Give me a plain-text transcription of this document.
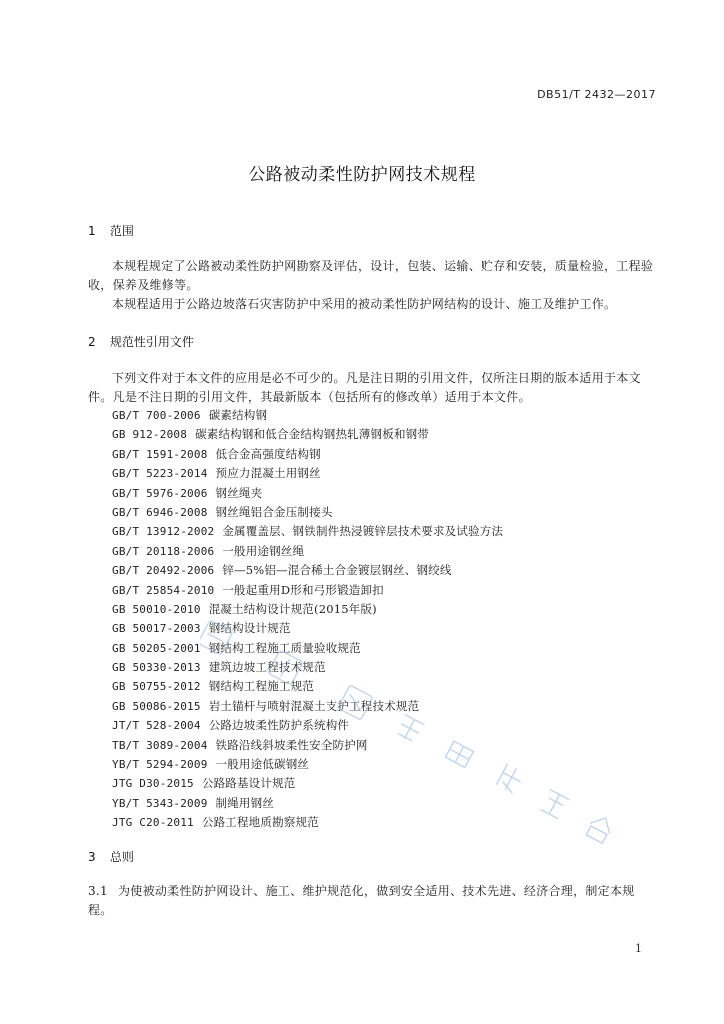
DB51/T 2432—2017
公路被动柔性防护网技术规程
1 范围
本规程规定了公路被动柔性防护网勘察及评估，设计，包装、运输、贮存和安装，质量检验，工程验收，保养及维修等。
本规程适用于公路边坡落石灾害防护中采用的被动柔性防护网结构的设计、施工及维护工作。
2 规范性引用文件
下列文件对于本文件的应用是必不可少的。凡是注日期的引用文件，仅所注日期的版本适用于本文件。凡是不注日期的引用文件，其最新版本（包括所有的修改单）适用于本文件。
GB/T 700-2006 碳素结构钢
GB 912-2008 碳素结构钢和低合金结构钢热轧薄钢板和钢带
GB/T 1591-2008 低合金高强度结构钢
GB/T 5223-2014 预应力混凝土用钢丝
GB/T 5976-2006 钢丝绳夹
GB/T 6946-2008 钢丝绳铝合金压制接头
GB/T 13912-2002 金属覆盖层、钢铁制件热浸镀锌层技术要求及试验方法
GB/T 20118-2006 一般用途钢丝绳
GB/T 20492-2006 锌—5%铝—混合稀土合金镀层钢丝、钢绞线
GB/T 25854-2010 一般起重用D形和弓形锻造卸扣
GB 50010-2010 混凝土结构设计规范(2015年版)
GB 50017-2003 钢结构设计规范
GB 50205-2001 钢结构工程施工质量验收规范
GB 50330-2013 建筑边坡工程技术规范
GB 50755-2012 钢结构工程施工规范
GB 50086-2015 岩土锚杆与喷射混凝土支护工程技术规范
JT/T 528-2004 公路边坡柔性防护系统构件
TB/T 3089-2004 铁路沿线斜坡柔性安全防护网
YB/T 5294-2009 一般用途低碳钢丝
JTG D30-2015 公路路基设计规范
YB/T 5343-2009 制绳用钢丝
JTG C20-2011 公路工程地质勘察规范
3 总则
3.1 为使被动柔性防护网设计、施工、维护规范化，做到安全适用、技术先进、经济合理，制定本规程。
1
